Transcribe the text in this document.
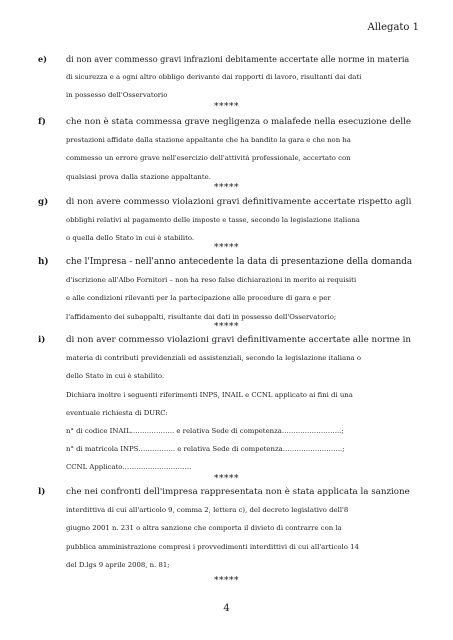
Allegato 1
e) di non aver commesso gravi infrazioni debitamente accertate alle norme in materia
di sicurezza e a ogni altro obbligo derivante dai rapporti di lavoro, risultanti dai dati
in possesso dell'Osservatorio
*****
f) che non è stata commessa grave negligenza o malafede nella esecuzione delle
prestazioni affidate dalla stazione appaltante che ha bandito la gara e che non ha
commesso un errore grave nell'esercizio dell'attività professionale, accertato con
qualsiasi prova dalla stazione appaltante.
*****
g) di non avere commesso violazioni gravi definitivamente accertate rispetto agli
obblighi relativi al pagamento delle imposte e tasse, secondo la legislazione italiana
o quella dello Stato in cui è stabilito.
*****
h) che l'Impresa - nell'anno antecedente la data di presentazione della domanda
d'iscrizione all'Albo Fornitori – non ha reso false dichiarazioni in merito ai requisiti
e alle condizioni rilevanti per la partecipazione alle procedure di gara e per
l'affidamento dei subappalti, risultante dai dati in possesso dell'Osservatorio;
*****
i) di non aver commesso violazioni gravi definitivamente accertate alle norme in
materia di contributi previdenziali ed assistenziali, secondo la legislazione italiana o
dello Stato in cui è stabilito.
Dichiara inoltre i seguenti riferimenti INPS, INAIL e CCNL applicato ai fini di una
eventuale richiesta di DURC:
n° di codice INAIL………………. e relativa Sede di competenza……………………..;
n° di matricola INPS……………. e relativa Sede di competenza……………………..;
CCNL Applicato…………………………
*****
l) che nei confronti dell'impresa rappresentata non è stata applicata la sanzione
interdittiva di cui all'articolo 9, comma 2, lettera c), del decreto legislativo dell'8
giugno 2001 n. 231 o altra sanzione che comporta il divieto di contrarre con la
pubblica amministrazione compresi i provvedimenti interdittivi di cui all'articolo 14
del D.lgs 9 aprile 2008, n. 81;
*****
4
